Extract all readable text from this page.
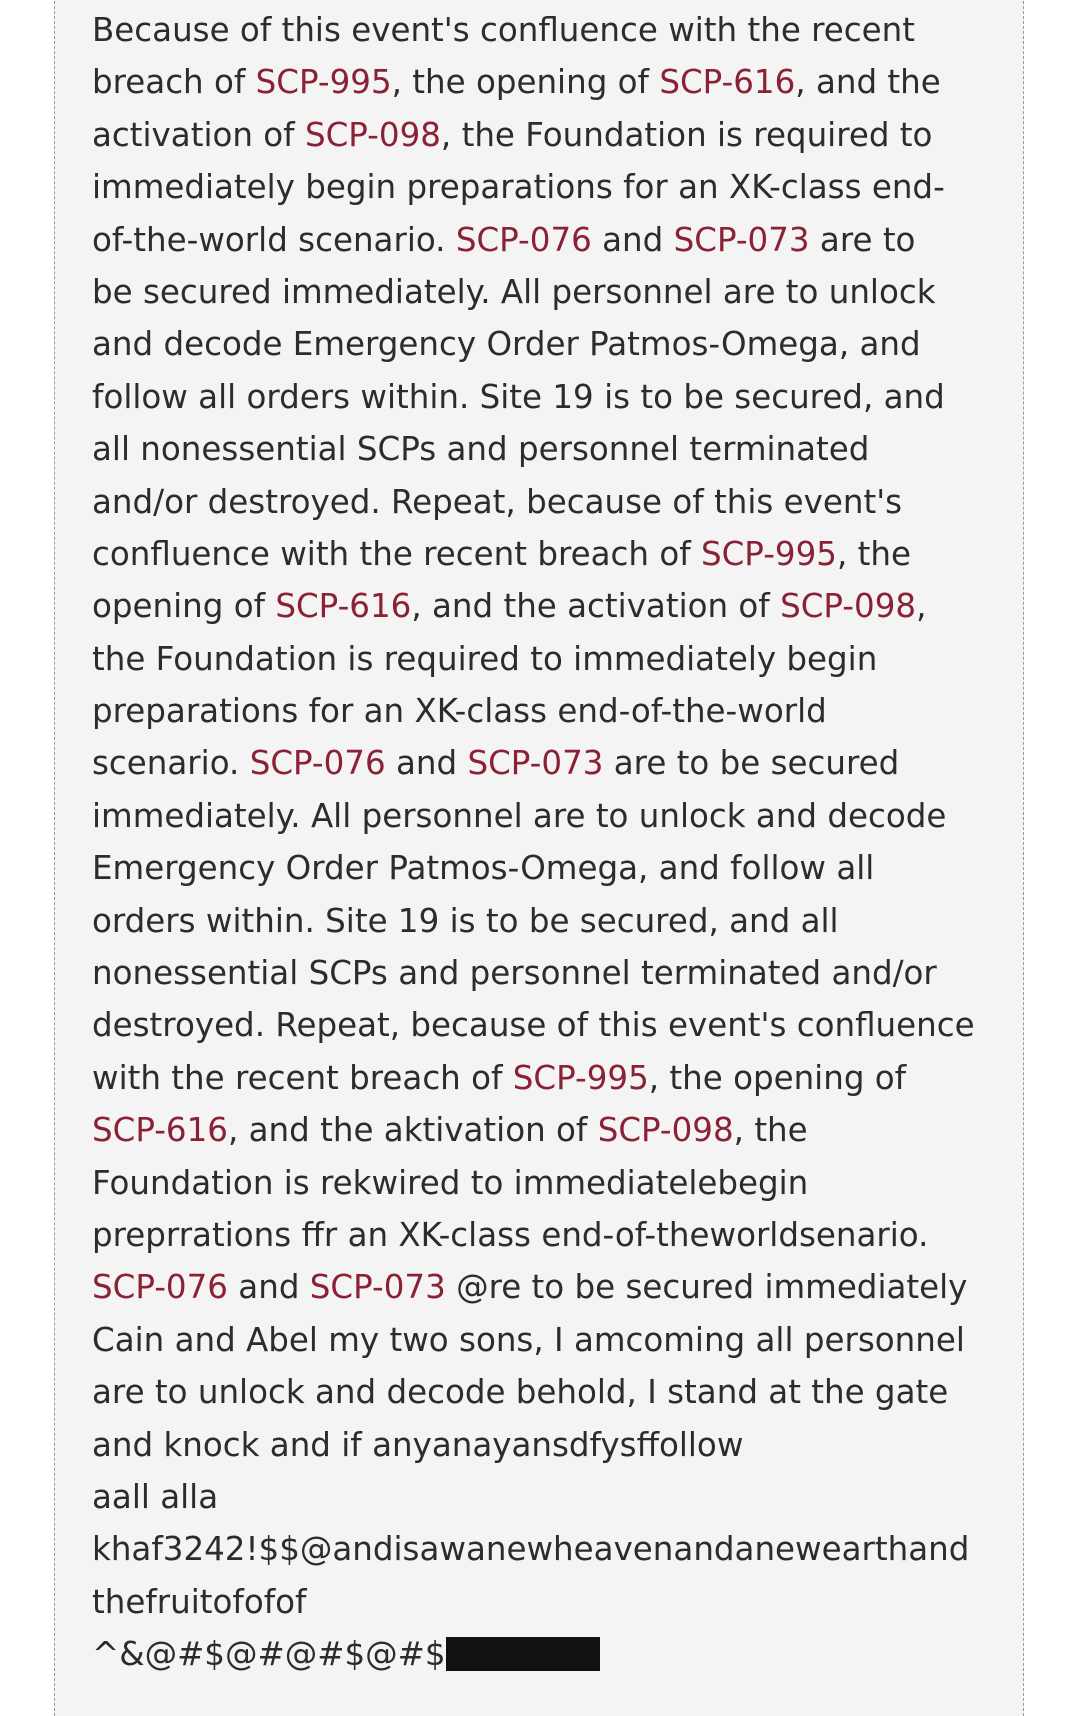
Because of this event's confluence with the recent
breach of SCP-995, the opening of SCP-616, and the
activation of SCP-098, the Foundation is required to
immediately begin preparations for an XK-class end-
of-the-world scenario. SCP-076 and SCP-073 are to
be secured immediately. All personnel are to unlock
and decode Emergency Order Patmos-Omega, and
follow all orders within. Site 19 is to be secured, and
all nonessential SCPs and personnel terminated
and/or destroyed. Repeat, because of this event's
confluence with the recent breach of SCP-995, the
opening of SCP-616, and the activation of SCP-098,
the Foundation is required to immediately begin
preparations for an XK-class end-of-the-world
scenario. SCP-076 and SCP-073 are to be secured
immediately. All personnel are to unlock and decode
Emergency Order Patmos-Omega, and follow all
orders within. Site 19 is to be secured, and all
nonessential SCPs and personnel terminated and/or
destroyed. Repeat, because of this event's confluence
with the recent breach of SCP-995, the opening of
SCP-616, and the aktivation of SCP-098, the
Foundation is rekwired to immediatelebegin
preprrations ffr an XK-class end-of-theworldsenario.
SCP-076 and SCP-073 @re to be secured immediately
Cain and Abel my two sons, I amcoming all personnel
are to unlock and decode behold, I stand at the gate
and knock and if anyanayansdfysffollow
aall alla
khaf3242!$$@andisawanewheavenandanewearthand
thefruitofofof
^&@#$@#@#$@#$
